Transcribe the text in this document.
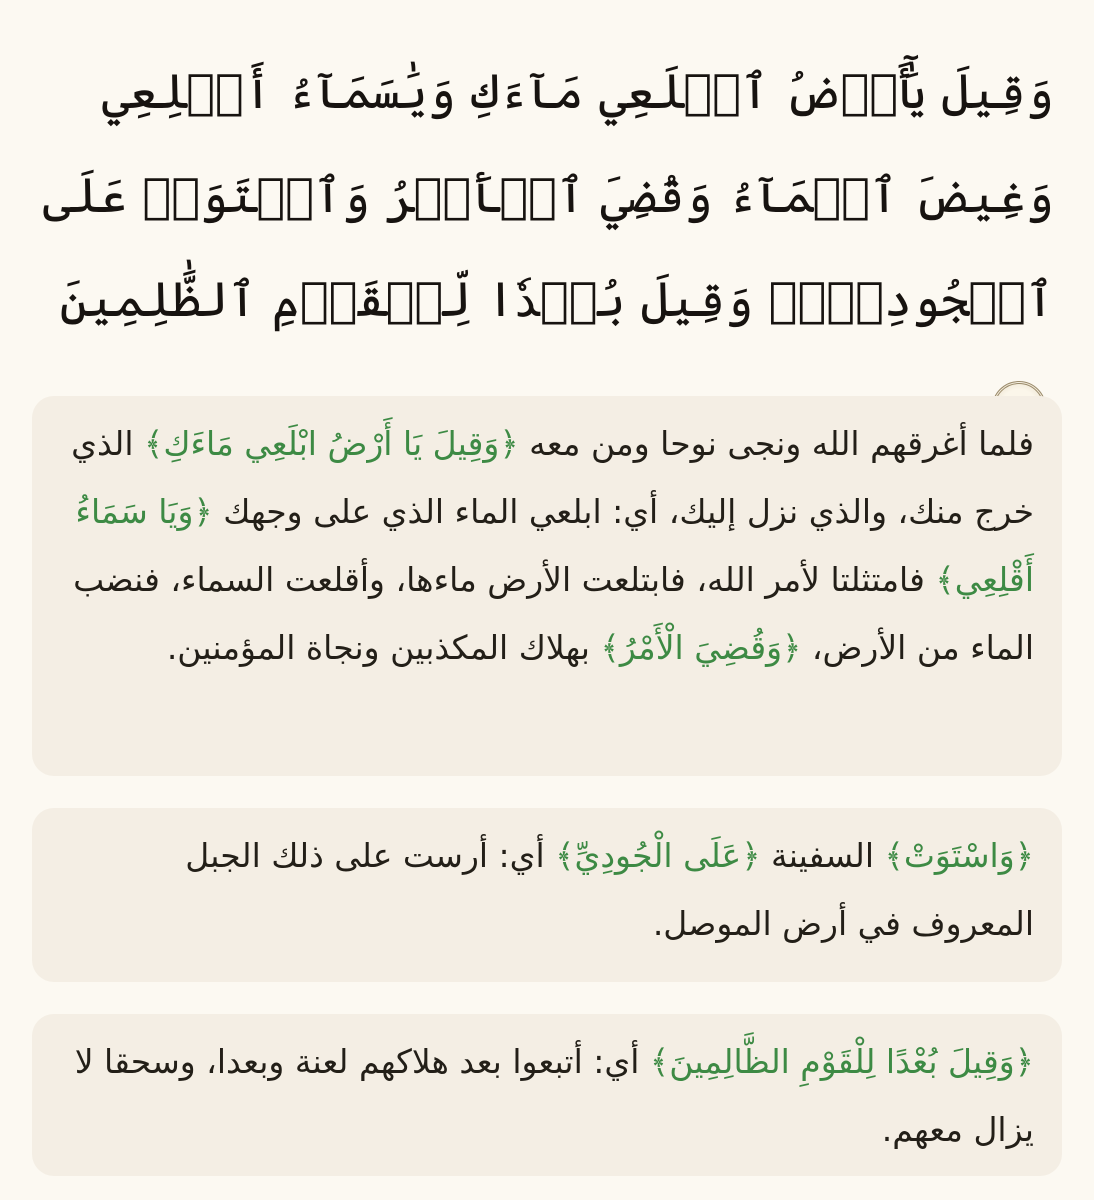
وَقِيلَ يَٰٓأَرۡضُ ٱبۡلَعِي مَآءَكِ وَيَٰسَمَآءُ أَقۡلِعِي وَغِيضَ ٱلۡمَآءُ وَقُضِيَ ٱلۡأَمۡرُ وَٱسۡتَوَتۡ عَلَى ٱلۡجُودِيِّۖ وَقِيلَ بُعۡدٗا لِّلۡقَوۡمِ ٱلظَّٰلِمِينَ
فلما أغرقهم الله ونجى نوحا ومن معه ﴿وَقِيلَ يَا أَرْضُ ابْلَعِي مَاءَكِ﴾ الذي خرج منك، والذي نزل إليك، أي: ابلعي الماء الذي على وجهك ﴿وَيَا سَمَاءُ أَقْلِعِي﴾ فامتثلتا لأمر الله، فابتلعت الأرض ماءها، وأقلعت السماء، فنضب الماء من الأرض، ﴿وَقُضِيَ الْأَمْرُ﴾ بهلاك المكذبين ونجاة المؤمنين.
﴿وَاسْتَوَتْ﴾ السفينة ﴿عَلَى الْجُودِيِّ﴾ أي: أرست على ذلك الجبل المعروف في أرض الموصل.
﴿وَقِيلَ بُعْدًا لِلْقَوْمِ الظَّالِمِينَ﴾ أي: أتبعوا بعد هلاكهم لعنة وبعدا، وسحقا لا يزال معهم.
